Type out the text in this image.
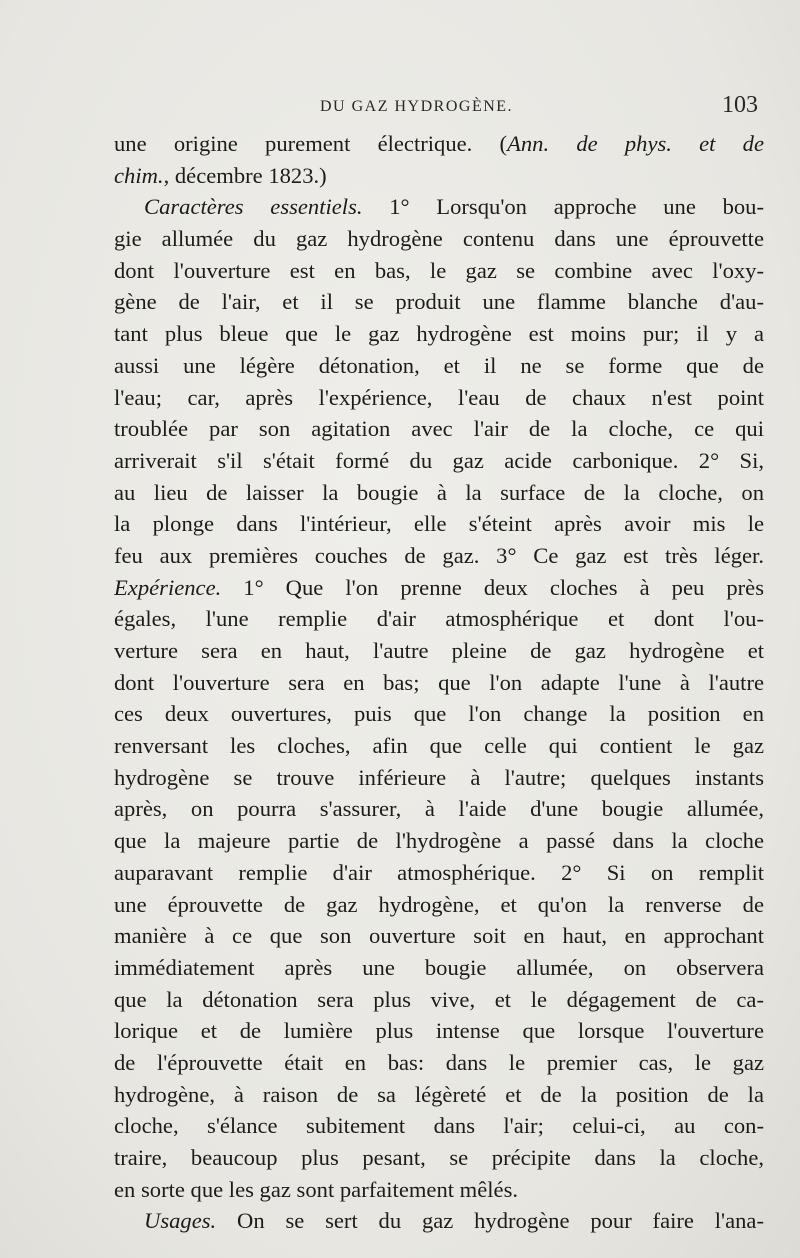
DU GAZ HYDROGÈNE.	103
une origine purement électrique. (Ann. de phys. et de
chim., décembre 1823.)
Caractères essentiels. 1° Lorsqu'on approche une bou-
gie allumée du gaz hydrogène contenu dans une éprouvette
dont l'ouverture est en bas, le gaz se combine avec l'oxy-
gène de l'air, et il se produit une flamme blanche d'au-
tant plus bleue que le gaz hydrogène est moins pur; il y a
aussi une légère détonation, et il ne se forme que de
l'eau; car, après l'expérience, l'eau de chaux n'est point
troublée par son agitation avec l'air de la cloche, ce qui
arriverait s'il s'était formé du gaz acide carbonique. 2° Si,
au lieu de laisser la bougie à la surface de la cloche, on
la plonge dans l'intérieur, elle s'éteint après avoir mis le
feu aux premières couches de gaz. 3° Ce gaz est très léger.
Expérience. 1° Que l'on prenne deux cloches à peu près
égales, l'une remplie d'air atmosphérique et dont l'ou-
verture sera en haut, l'autre pleine de gaz hydrogène et
dont l'ouverture sera en bas; que l'on adapte l'une à l'autre
ces deux ouvertures, puis que l'on change la position en
renversant les cloches, afin que celle qui contient le gaz
hydrogène se trouve inférieure à l'autre; quelques instants
après, on pourra s'assurer, à l'aide d'une bougie allumée,
que la majeure partie de l'hydrogène a passé dans la cloche
auparavant remplie d'air atmosphérique. 2° Si on remplit
une éprouvette de gaz hydrogène, et qu'on la renverse de
manière à ce que son ouverture soit en haut, en approchant
immédiatement après une bougie allumée, on observera
que la détonation sera plus vive, et le dégagement de ca-
lorique et de lumière plus intense que lorsque l'ouverture
de l'éprouvette était en bas: dans le premier cas, le gaz
hydrogène, à raison de sa légèreté et de la position de la
cloche, s'élance subitement dans l'air; celui-ci, au con-
traire, beaucoup plus pesant, se précipite dans la cloche,
en sorte que les gaz sont parfaitement mêlés.
Usages. On se sert du gaz hydrogène pour faire l'ana-
